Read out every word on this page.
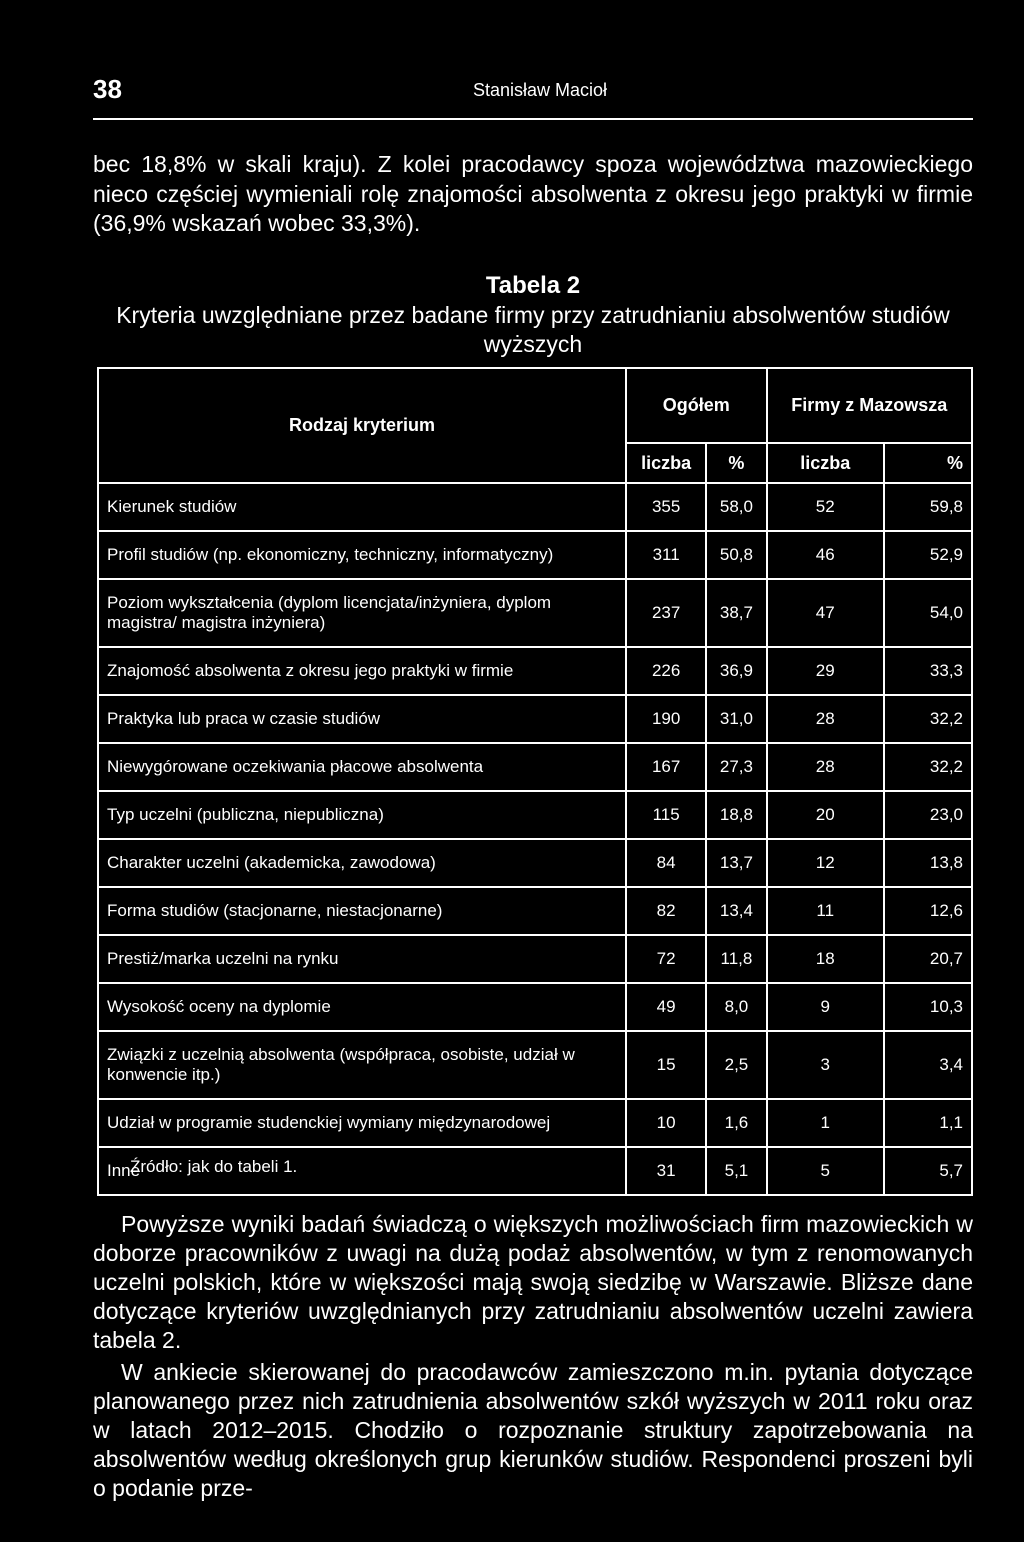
38	Stanisław Macioł

bec 18,8% w skali kraju). Z kolei pracodawcy spoza województwa mazowieckiego nieco częściej wymieniali rolę znajomości absolwenta z okresu jego praktyki w firmie (36,9% wskazań wobec 33,3%).

Tabela 2
Kryteria uwzględniane przez badane firmy przy zatrudnianiu absolwentów studiów wyższych
Rodzaj kryterium	Ogółem		Firmy z Mazowsza	
	liczba	%	liczba	%
Kierunek studiów	355	58,0	52	59,8
Profil studiów (np. ekonomiczny, techniczny, informatyczny)	311	50,8	46	52,9
Poziom wykształcenia (dyplom licencjata/inżyniera, dyplom magistra/ magistra inżyniera)	237	38,7	47	54,0
Znajomość absolwenta z okresu jego praktyki w firmie	226	36,9	29	33,3
Praktyka lub praca w czasie studiów	190	31,0	28	32,2
Niewygórowane oczekiwania płacowe absolwenta	167	27,3	28	32,2
Typ uczelni (publiczna, niepubliczna)	115	18,8	20	23,0
Charakter uczelni (akademicka, zawodowa)	84	13,7	12	13,8
Forma studiów (stacjonarne, niestacjonarne)	82	13,4	11	12,6
Prestiż/marka uczelni na rynku	72	11,8	18	20,7
Wysokość oceny na dyplomie	49	8,0	9	10,3
Związki z uczelnią absolwenta (współpraca, osobiste, udział w konwencie itp.)	15	2,5	3	3,4
Udział w programie studenckiej wymiany międzynarodowej	10	1,6	1	1,1
Inne	31	5,1	5	5,7
Źródło: jak do tabeli 1.

Powyższe wyniki badań świadczą o większych możliwościach firm mazowieckich w doborze pracowników z uwagi na dużą podaż absolwentów, w tym z renomowanych uczelni polskich, które w większości mają swoją siedzibę w Warszawie. Bliższe dane dotyczące kryteriów uwzględnianych przy zatrudnianiu absolwentów uczelni zawiera tabela 2.

W ankiecie skierowanej do pracodawców zamieszczono m.in. pytania dotyczące planowanego przez nich zatrudnienia absolwentów szkół wyższych w 2011 roku oraz w latach 2012–2015. Chodziło o rozpoznanie struktury zapotrzebowania na absolwentów według określonych grup kierunków studiów. Respondenci proszeni byli o podanie prze-
